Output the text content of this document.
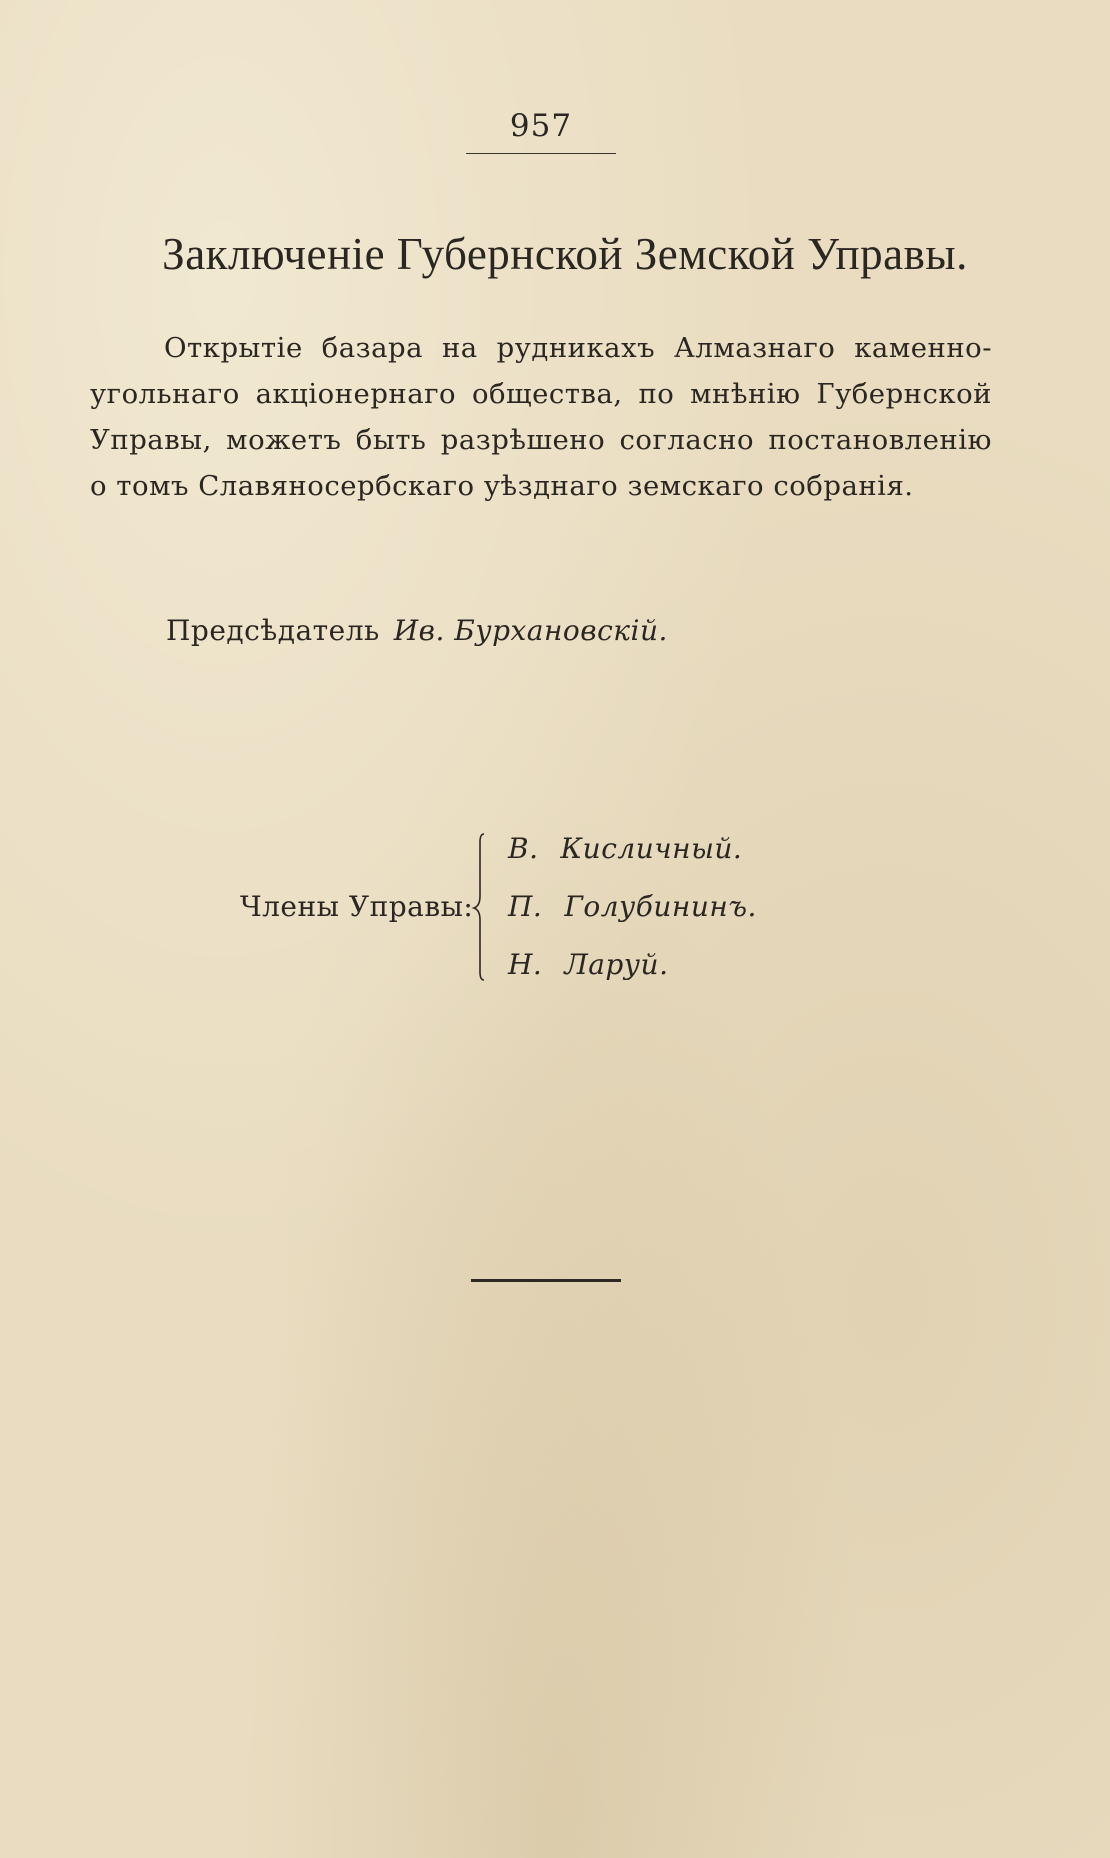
957
Заключеніе Губернской Земской Управы.
Открытіе базара на рудникахъ Алмазнаго каменно-
угольнаго акціонернаго общества, по мнѣнію Губернской
Управы, можетъ быть разрѣшено согласно постановленію
о томъ Славяносербскаго уѣзднаго земскаго собранія.
Предсѣдатель Ив. Бурхановскій.
Члены Управы:
В. Кисличный.
П. Голубининъ.
Н. Ларуй.
